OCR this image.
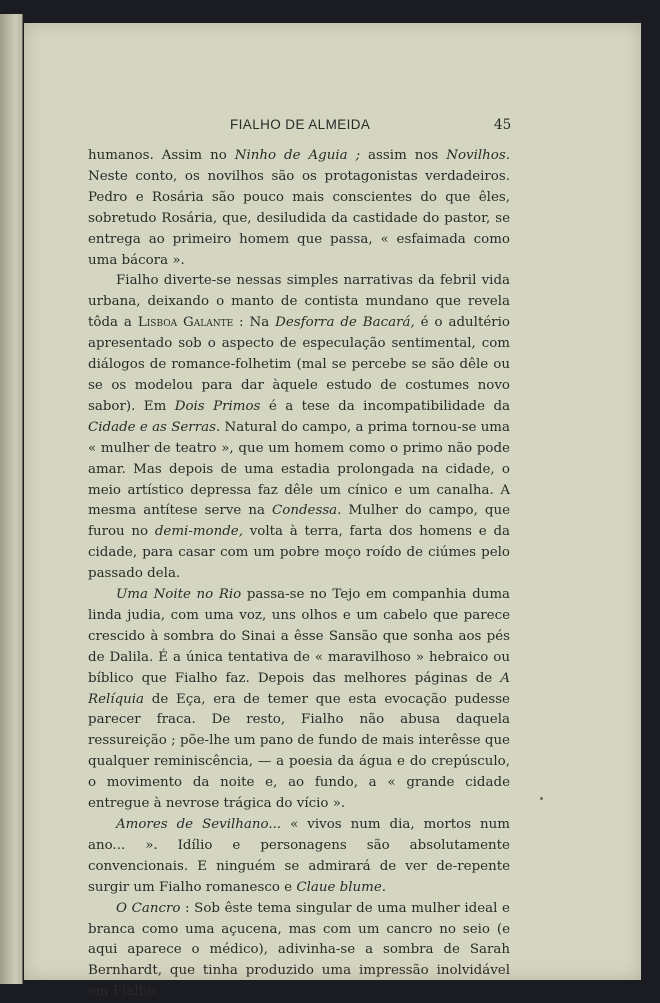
FIALHO DE ALMEIDA	45

humanos. Assim no Ninho de Aguia ; assim nos Novilhos. Neste conto, os novilhos são os protagonistas verdadeiros. Pedro e Rosária são pouco mais conscientes do que êles, sobretudo Rosária, que, desiludida da castidade do pastor, se entrega ao primeiro homem que passa, « esfaimada como uma bácora ».

Fialho diverte-se nessas simples narrativas da febril vida urbana, deixando o manto de contista mundano que revela tôda a Lisboa Galante : Na Desforra de Bacará, é o adultério apresentado sob o aspecto de especulação sentimental, com diálogos de romance-folhetim (mal se percebe se são dêle ou se os modelou para dar àquele estudo de costumes novo sabor). Em Dois Primos é a tese da incompatibilidade da Cidade e as Serras. Natural do campo, a prima tornou-se uma « mulher de teatro », que um homem como o primo não pode amar. Mas depois de uma estadia prolongada na cidade, o meio artístico depressa faz dêle um cínico e um canalha. A mesma antítese serve na Condessa. Mulher do campo, que furou no demi-monde, volta à terra, farta dos homens e da cidade, para casar com um pobre moço roído de ciúmes pelo passado dela.

Uma Noite no Rio passa-se no Tejo em companhia duma linda judia, com uma voz, uns olhos e um cabelo que parece crescido à sombra do Sinai a êsse Sansão que sonha aos pés de Dalila. É a única tentativa de « maravilhoso » hebraico ou bíblico que Fialho faz. Depois das melhores páginas de A Relíquia de Eça, era de temer que esta evocação pudesse parecer fraca. De resto, Fialho não abusa daquela ressureição ; põe-lhe um pano de fundo de mais interêsse que qualquer reminiscência, — a poesia da água e do crepúsculo, o movimento da noite e, ao fundo, a « grande cidade entregue à nevrose trágica do vício ».

Amores de Sevilhano... « vivos num dia, mortos num ano... ». Idílio e personagens são absolutamente convencionais. E ninguém se admirará de ver de-repente surgir um Fialho romanesco e Claue blume.

O Cancro : Sob êste tema singular de uma mulher ideal e branca como uma açucena, mas com um cancro no seio (e aqui aparece o médico), adivinha-se a sombra de Sarah Bernhardt, que tinha produzido uma impressão inolvidável em Fialho.
